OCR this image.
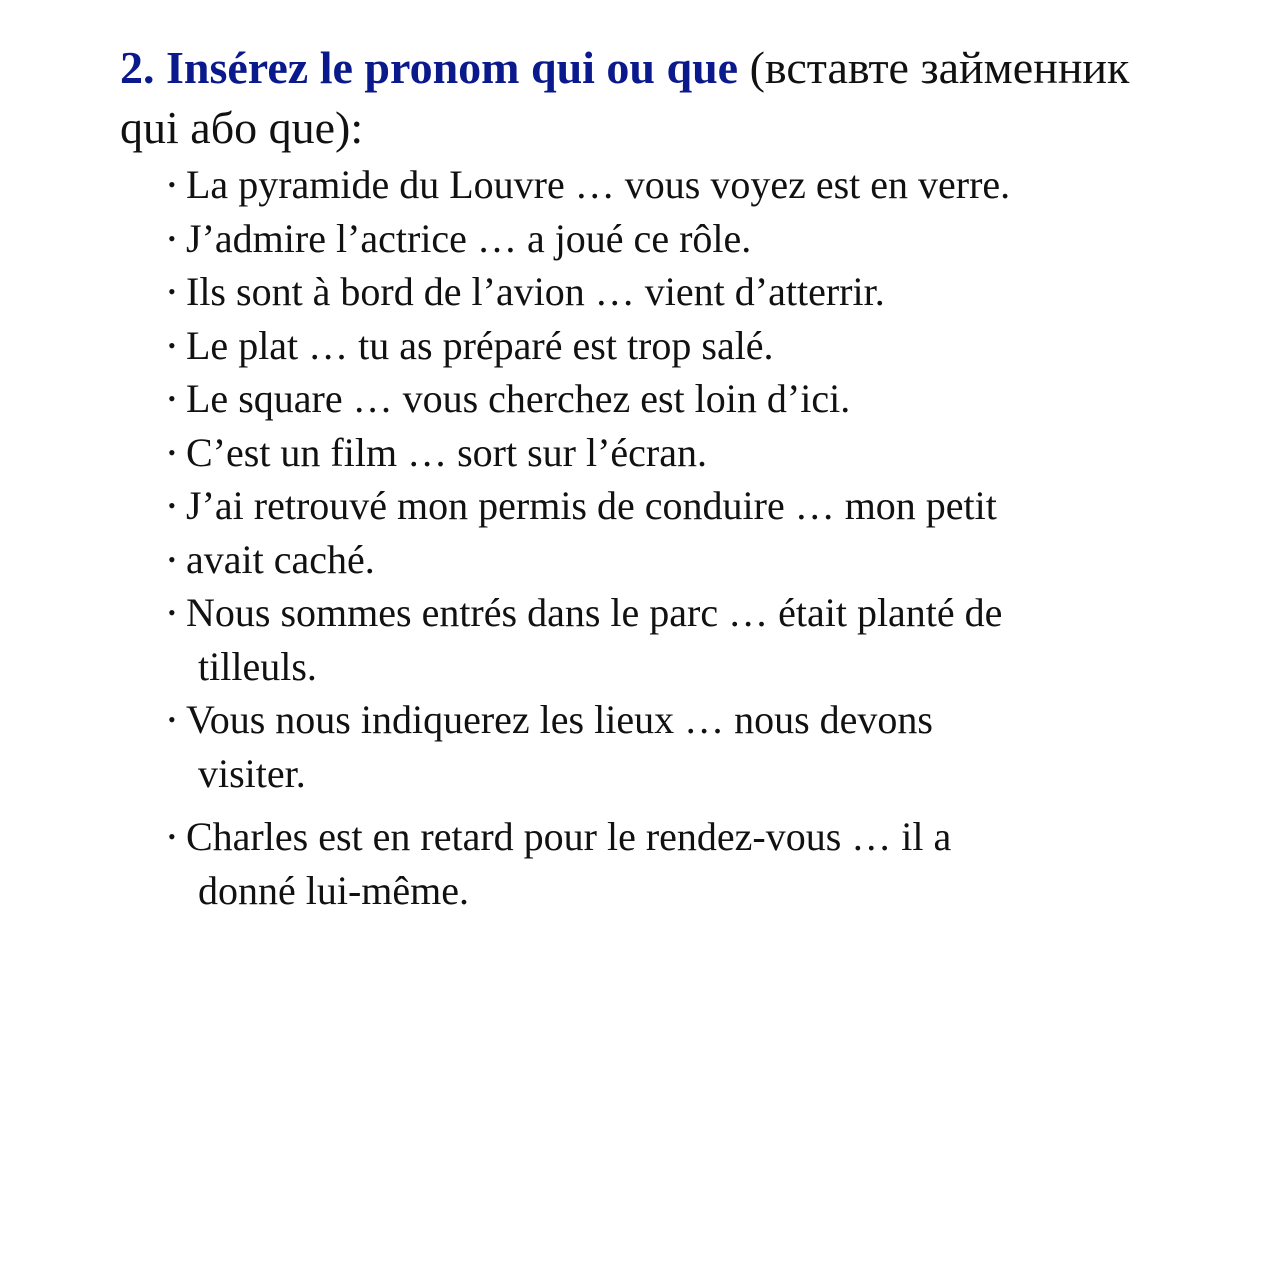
2. Insérez le pronom qui ou que (вставте займенник qui або que):
• La pyramide du Louvre … vous voyez est en verre.
• J’admire l’actrice … a joué ce rôle.
• Ils sont à bord de l’avion … vient d’atterrir.
• Le plat … tu as préparé est trop salé.
• Le square … vous cherchez est loin d’ici.
• C’est un film … sort sur l’écran.
• J’ai retrouvé mon permis de conduire … mon petit
• avait caché.
• Nous sommes entrés dans le parc … était planté de
tilleuls.
• Vous nous indiquerez les lieux … nous devons
visiter.
• Charles est en retard pour le rendez-vous … il a
donné lui-même.
